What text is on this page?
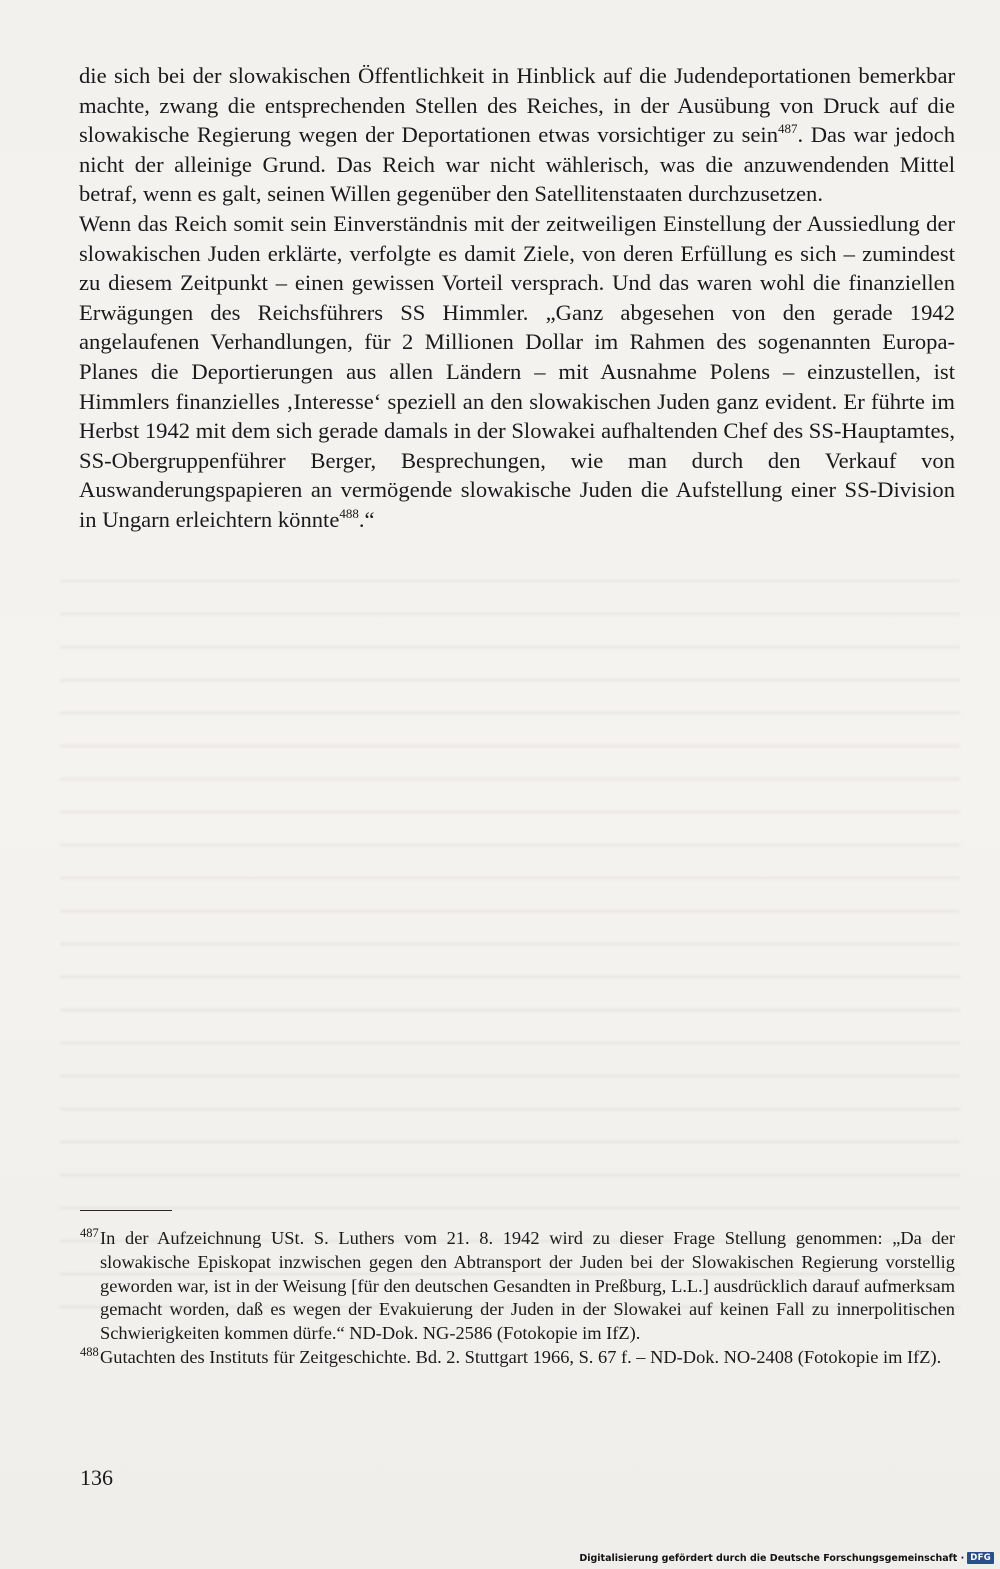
die sich bei der slowakischen Öffentlichkeit in Hinblick auf die Judendeportationen bemerkbar machte, zwang die entsprechenden Stellen des Reiches, in der Ausübung von Druck auf die slowakische Regierung wegen der Deportationen etwas vorsichtiger zu sein$^{487}$. Das war jedoch nicht der alleinige Grund. Das Reich war nicht wählerisch, was die anzuwendenden Mittel betraf, wenn es galt, seinen Willen gegenüber den Satellitenstaaten durchzusetzen.

Wenn das Reich somit sein Einverständnis mit der zeitweiligen Einstellung der Aussiedlung der slowakischen Juden erklärte, verfolgte es damit Ziele, von deren Erfüllung es sich – zumindest zu diesem Zeitpunkt – einen gewissen Vorteil versprach. Und das waren wohl die finanziellen Erwägungen des Reichsführers SS Himmler. „Ganz abgesehen von den gerade 1942 angelaufenen Verhandlungen, für 2 Millionen Dollar im Rahmen des sogenannten Europa-Planes die Deportierungen aus allen Ländern – mit Ausnahme Polens – einzustellen, ist Himmlers finanzielles ‚Interesse‘ speziell an den slowakischen Juden ganz evident. Er führte im Herbst 1942 mit dem sich gerade damals in der Slowakei aufhaltenden Chef des SS-Hauptamtes, SS-Obergruppenführer Berger, Besprechungen, wie man durch den Verkauf von Auswanderungspapieren an vermögende slowakische Juden die Aufstellung einer SS-Division in Ungarn erleichtern könnte$^{488}$.“

487 In der Aufzeichnung USt. S. Luthers vom 21. 8. 1942 wird zu dieser Frage Stellung genommen: „Da der slowakische Episkopat inzwischen gegen den Abtransport der Juden bei der Slowakischen Regierung vorstellig geworden war, ist in der Weisung [für den deutschen Gesandten in Preßburg, L.L.] ausdrücklich darauf aufmerksam gemacht worden, daß es wegen der Evakuierung der Juden in der Slowakei auf keinen Fall zu innerpolitischen Schwierigkeiten kommen dürfe.“ ND-Dok. NG-2586 (Fotokopie im IfZ).
488 Gutachten des Instituts für Zeitgeschichte. Bd. 2. Stuttgart 1966, S. 67 f. – ND-Dok. NO-2408 (Fotokopie im IfZ).
136
Digitalisierung gefördert durch die Deutsche Forschungsgemeinschaft · DFG
